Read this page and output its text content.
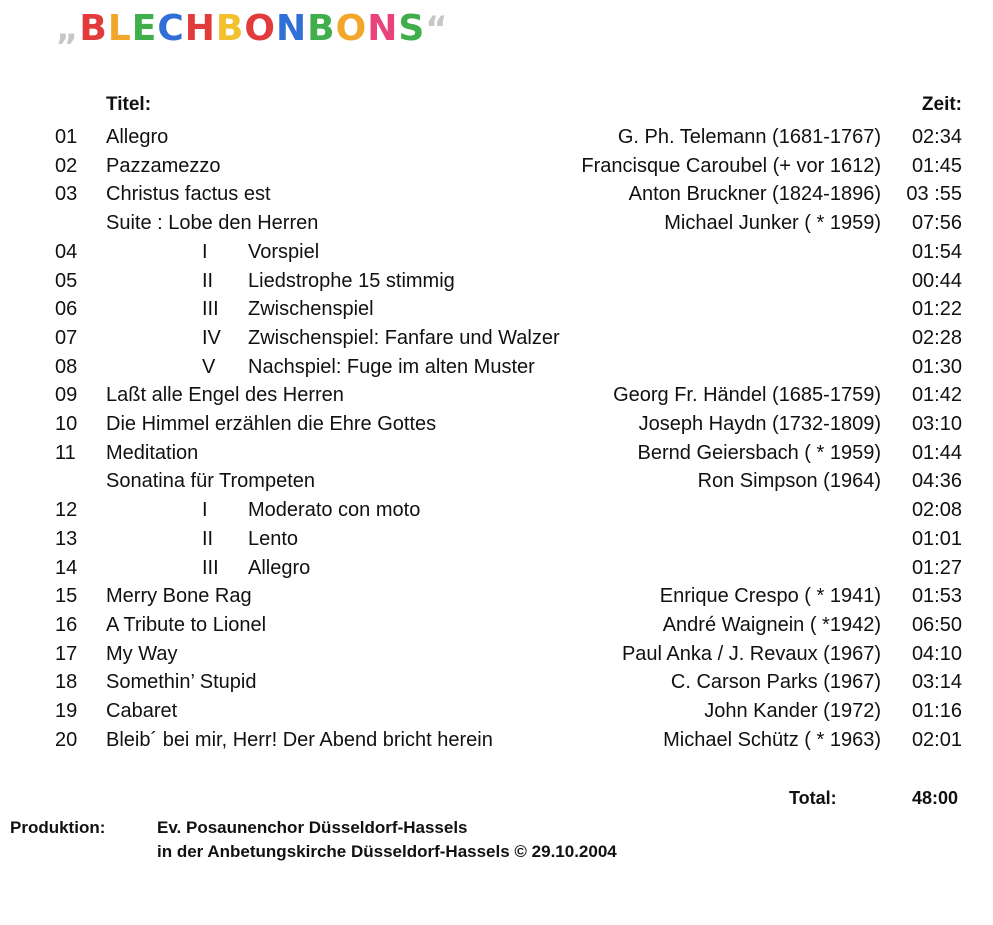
„BLECHBONBONS“
Titel:	Zeit:
01 Allegro	G. Ph. Telemann (1681-1767) 02:34
02 Pazzamezzo	Francisque Caroubel (+ vor 1612) 01:45
03 Christus factus est	Anton Bruckner (1824-1896) 03 :55
Suite : Lobe den Herren	Michael Junker ( * 1959) 07:56
04	I Vorspiel	01:54
05	II Liedstrophe 15 stimmig	00:44
06	III Zwischenspiel	01:22
07	IV Zwischenspiel: Fanfare und Walzer	02:28
08	V Nachspiel: Fuge im alten Muster	01:30
09 Laßt alle Engel des Herren	Georg Fr. Händel (1685-1759) 01:42
10 Die Himmel erzählen die Ehre Gottes	Joseph Haydn (1732-1809) 03:10
11 Meditation	Bernd Geiersbach ( * 1959) 01:44
Sonatina für Trompeten	Ron Simpson (1964) 04:36
12	I Moderato con moto	02:08
13	II Lento	01:01
14	III Allegro	01:27
15 Merry Bone Rag	Enrique Crespo ( * 1941) 01:53
16 A Tribute to Lionel	André Waignein ( *1942) 06:50
17 My Way	Paul Anka / J. Revaux (1967) 04:10
18 Somethin’ Stupid	C. Carson Parks (1967) 03:14
19 Cabaret	John Kander (1972) 01:16
20 Bleib´ bei mir, Herr! Der Abend bricht herein	Michael Schütz ( * 1963) 02:01
Total:	48:00
Produktion:	Ev. Posaunenchor Düsseldorf-Hassels
in der Anbetungskirche Düsseldorf-Hassels © 29.10.2004
